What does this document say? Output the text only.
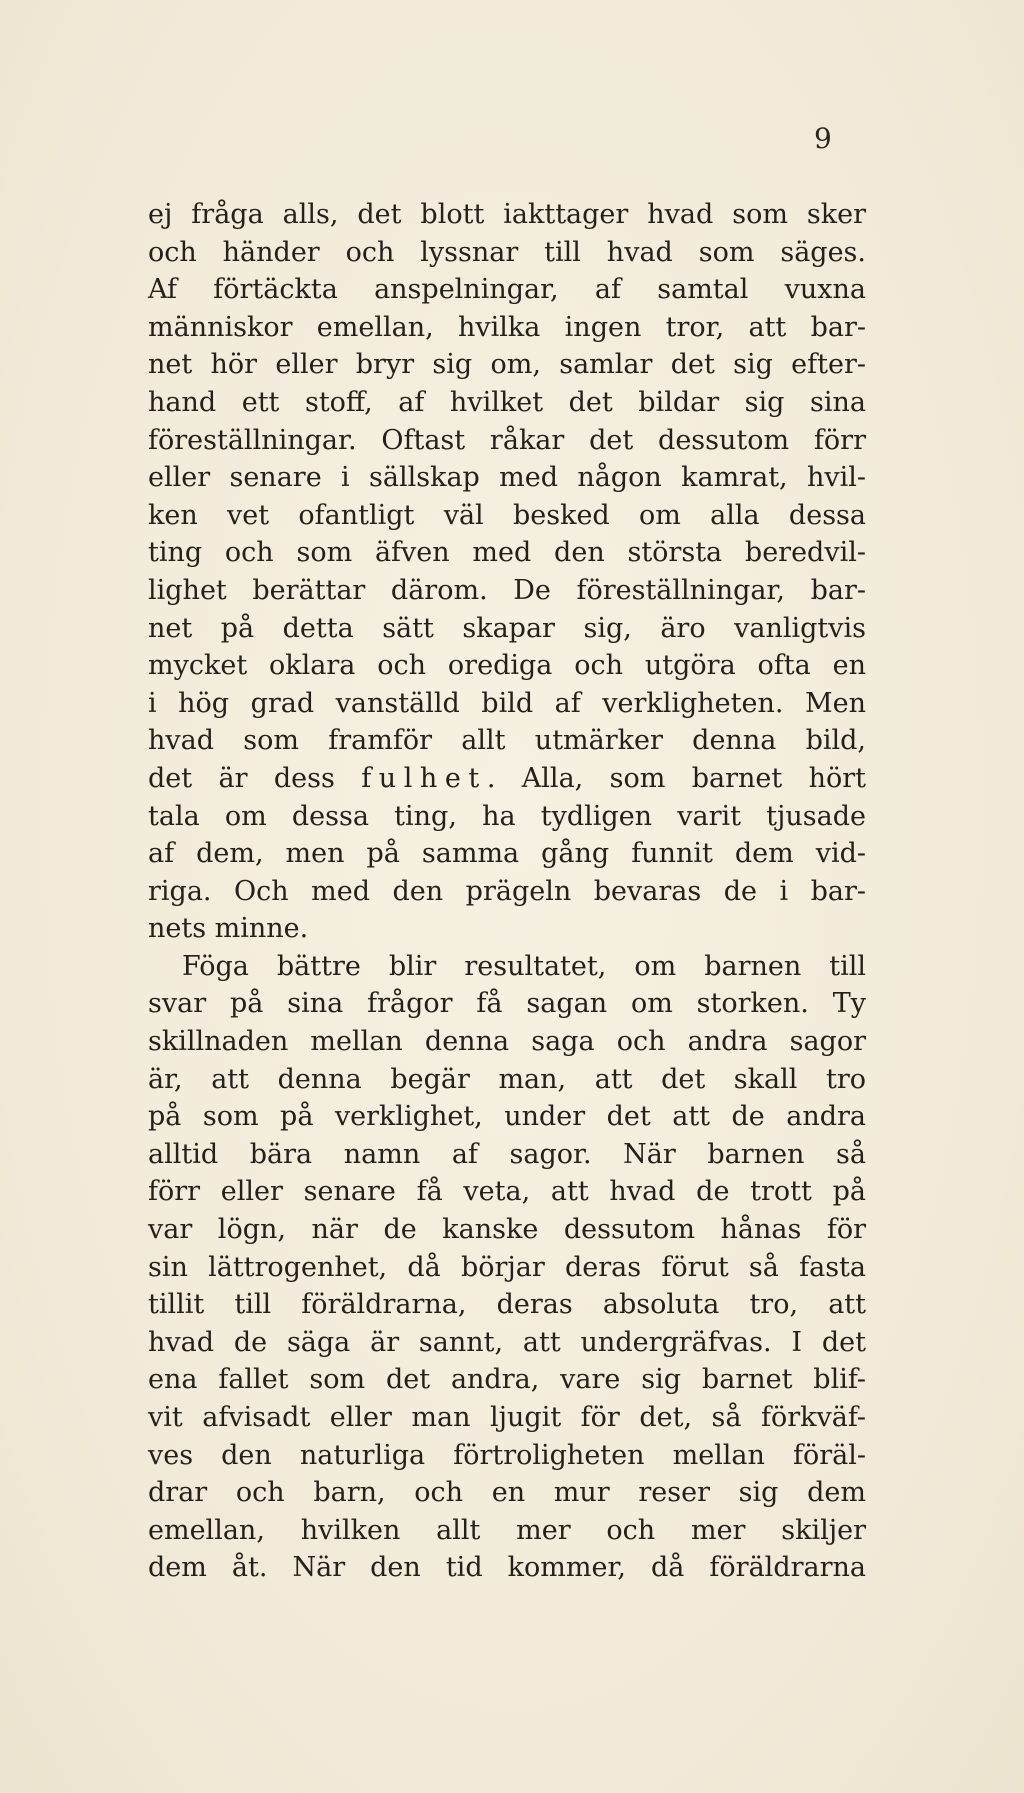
9
ej fråga alls, det blott iakttager hvad som sker
och händer och lyssnar till hvad som säges.
Af förtäckta anspelningar, af samtal vuxna
människor emellan, hvilka ingen tror, att bar-
net hör eller bryr sig om, samlar det sig efter-
hand ett stoff, af hvilket det bildar sig sina
föreställningar. Oftast råkar det dessutom förr
eller senare i sällskap med någon kamrat, hvil-
ken vet ofantligt väl besked om alla dessa
ting och som äfven med den största beredvil-
lighet berättar därom. De föreställningar, bar-
net på detta sätt skapar sig, äro vanligtvis
mycket oklara och orediga och utgöra ofta en
i hög grad vanställd bild af verkligheten. Men
hvad som framför allt utmärker denna bild,
det är dess fulhet. Alla, som barnet hört
tala om dessa ting, ha tydligen varit tjusade
af dem, men på samma gång funnit dem vid-
riga. Och med den prägeln bevaras de i bar-
nets minne.
Föga bättre blir resultatet, om barnen till
svar på sina frågor få sagan om storken. Ty
skillnaden mellan denna saga och andra sagor
är, att denna begär man, att det skall tro
på som på verklighet, under det att de andra
alltid bära namn af sagor. När barnen så
förr eller senare få veta, att hvad de trott på
var lögn, när de kanske dessutom hånas för
sin lättrogenhet, då börjar deras förut så fasta
tillit till föräldrarna, deras absoluta tro, att
hvad de säga är sannt, att undergräfvas. I det
ena fallet som det andra, vare sig barnet blif-
vit afvisadt eller man ljugit för det, så förkväf-
ves den naturliga förtroligheten mellan föräl-
drar och barn, och en mur reser sig dem
emellan, hvilken allt mer och mer skiljer
dem åt. När den tid kommer, då föräldrarna
